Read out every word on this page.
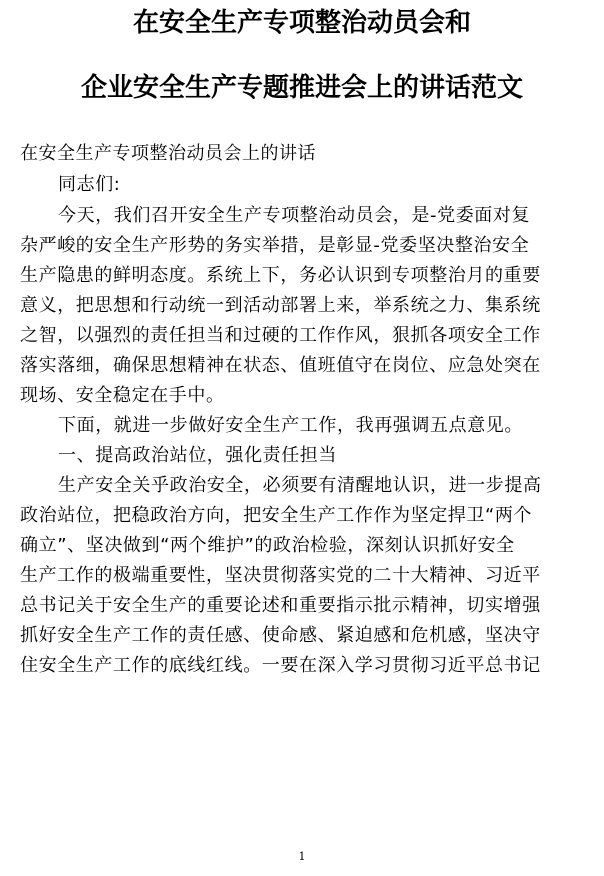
在安全生产专项整治动员会和
企业安全生产专题推进会上的讲话范文
在安全生产专项整治动员会上的讲话
同志们:
今天，我们召开安全生产专项整治动员会，是-党委面对复
杂严峻的安全生产形势的务实举措，是彰显-党委坚决整治安全
生产隐患的鲜明态度。系统上下，务必认识到专项整治月的重要
意义，把思想和行动统一到活动部署上来，举系统之力、集系统
之智，以强烈的责任担当和过硬的工作作风，狠抓各项安全工作
落实落细，确保思想精神在状态、值班值守在岗位、应急处突在
现场、安全稳定在手中。
下面，就进一步做好安全生产工作，我再强调五点意见。
一、提高政治站位，强化责任担当
生产安全关乎政治安全，必须要有清醒地认识，进一步提高
政治站位，把稳政治方向，把安全生产工作作为坚定捍卫“两个
确立”、坚决做到“两个维护”的政治检验，深刻认识抓好安全
生产工作的极端重要性，坚决贯彻落实党的二十大精神、习近平
总书记关于安全生产的重要论述和重要指示批示精神，切实增强
抓好安全生产工作的责任感、使命感、紧迫感和危机感，坚决守
住安全生产工作的底线红线。一要在深入学习贯彻习近平总书记
1
